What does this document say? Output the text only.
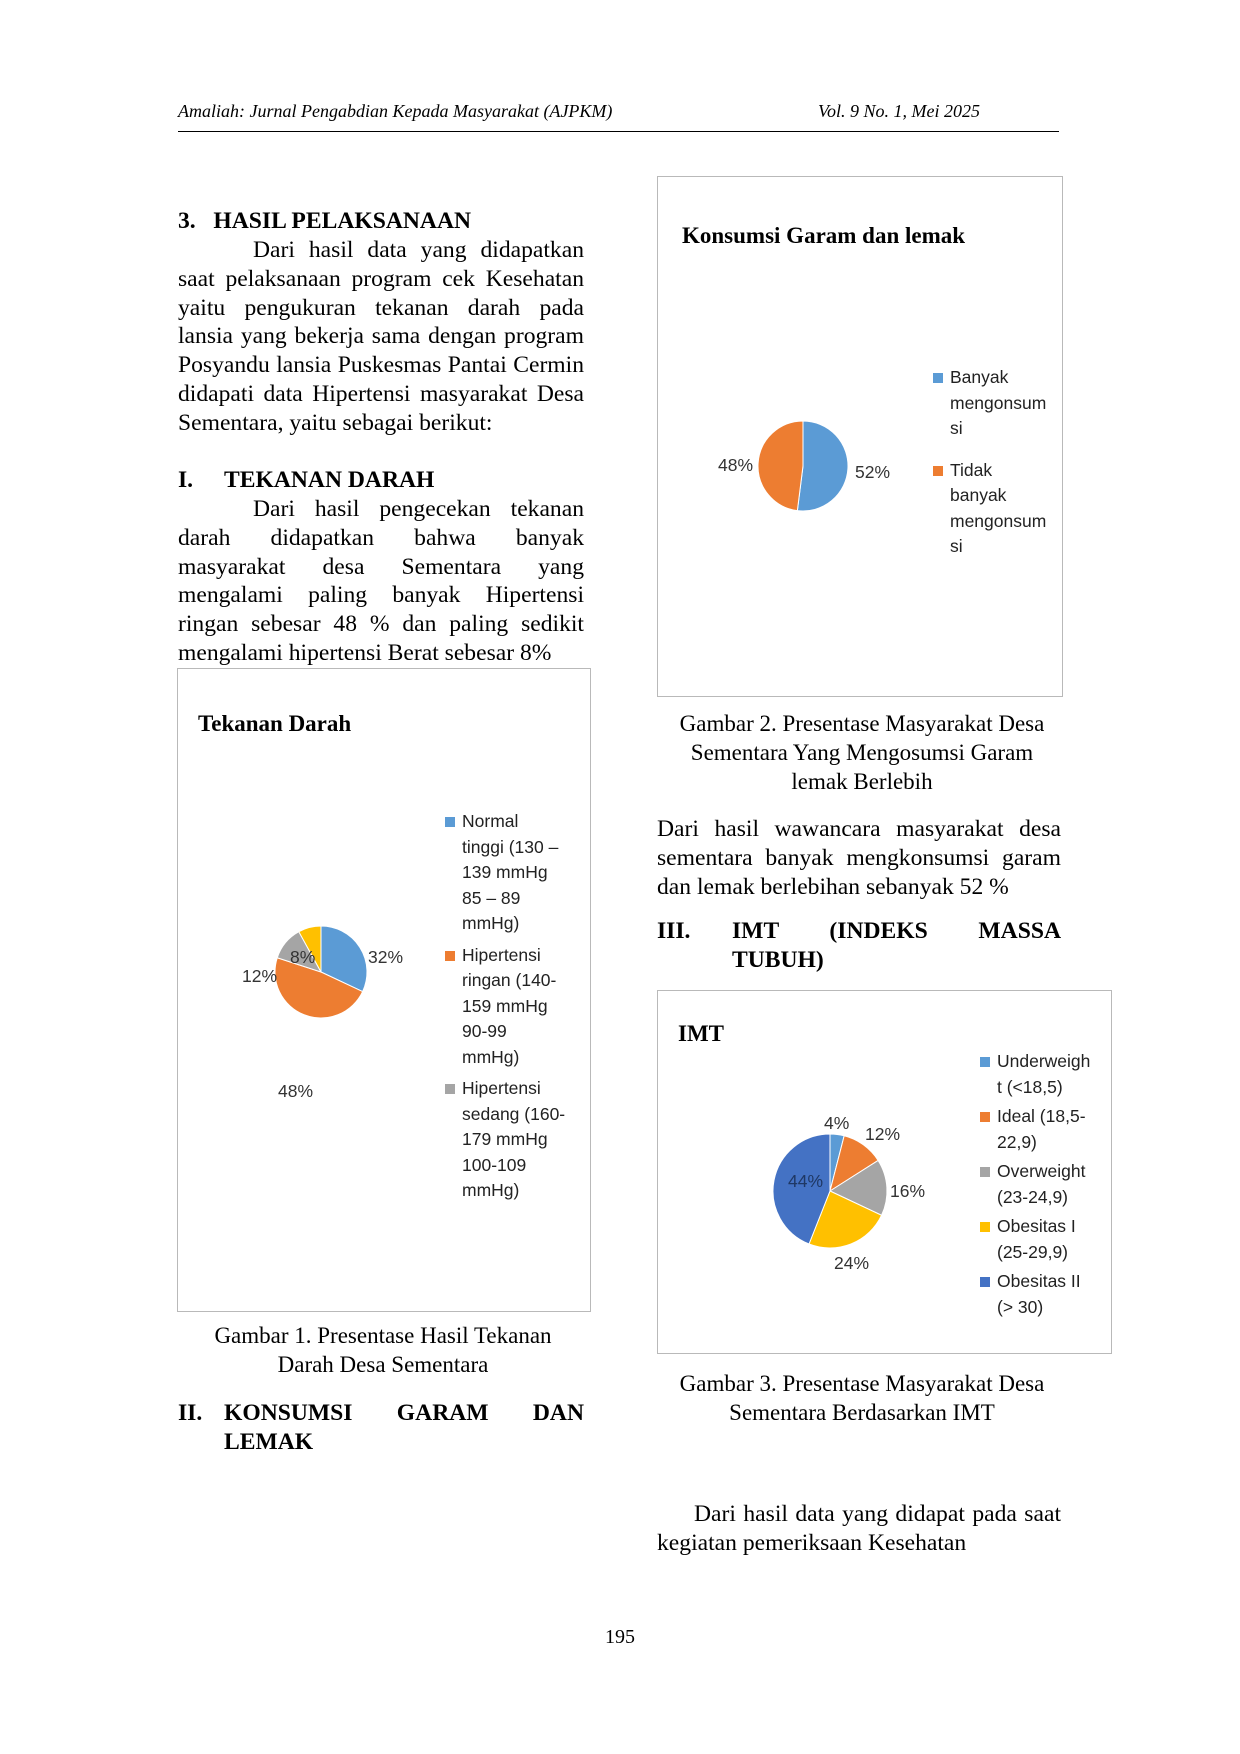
Amaliah: Jurnal Pengabdian Kepada Masyarakat (AJPKM)	Vol. 9 No. 1, Mei 2025
3. HASIL PELAKSANAAN
Dari hasil data yang didapatkan saat pelaksanaan program cek Kesehatan yaitu pengukuran tekanan darah pada lansia yang bekerja sama dengan program Posyandu lansia Puskesmas Pantai Cermin didapati data Hipertensi masyarakat Desa Sementara, yaitu sebagai berikut:
I. TEKANAN DARAH
Dari hasil pengecekan tekanan darah didapatkan bahwa banyak masyarakat desa Sementara yang mengalami paling banyak Hipertensi ringan sebesar 48 % dan paling sedikit mengalami hipertensi Berat sebesar 8%
Tekanan Darah
32%
48%
12%
8%
Normal
tinggi (130 –
139 mmHg
85 – 89
mmHg)
Hipertensi
ringan (140-
159 mmHg
90-99
mmHg)
Hipertensi
sedang (160-
179 mmHg
100-109
mmHg)
Gambar 1. Presentase Hasil Tekanan
Darah Desa Sementara
II. KONSUMSI GARAM DAN
LEMAK
Konsumsi Garam dan lemak
52%
48%
Banyak
mengonsum
si
Tidak
banyak
mengonsum
si
Gambar 2. Presentase Masyarakat Desa
Sementara Yang Mengosumsi Garam
lemak Berlebih
Dari hasil wawancara masyarakat desa sementara banyak mengkonsumsi garam dan lemak berlebihan sebanyak 52 %
III.	IMT (INDEKS MASSA
TUBUH)
IMT
4%
12%
16%
24%
44%
Underweigh
t (<18,5)
Ideal (18,5-
22,9)
Overweight
(23-24,9)
Obesitas I
(25-29,9)
Obesitas II
(> 30)
Gambar 3. Presentase Masyarakat Desa
Sementara Berdasarkan IMT
Dari hasil data yang didapat pada saat kegiatan pemeriksaan Kesehatan
195
